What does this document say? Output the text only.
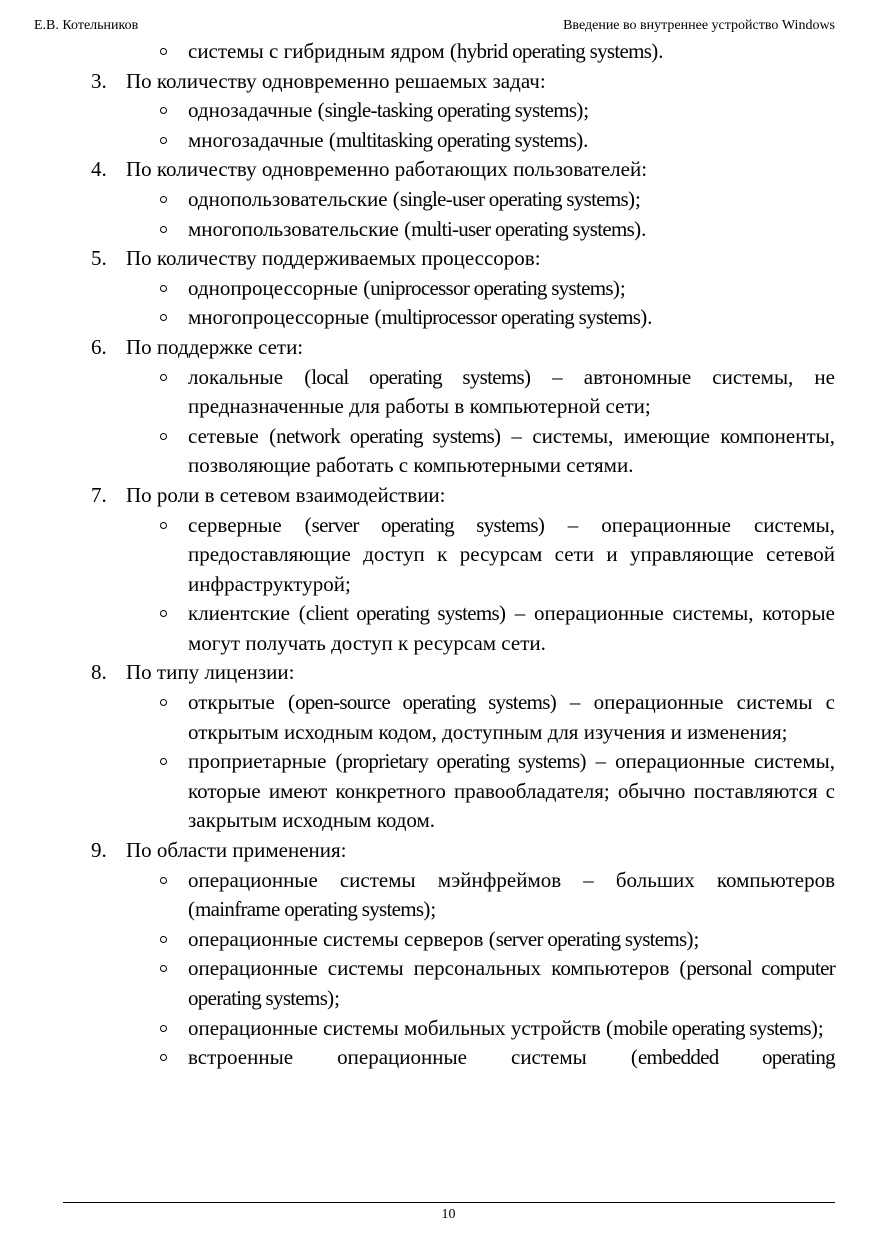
Е.В. Котельников	Введение во внутреннее устройство Windows
системы с гибридным ядром (hybrid operating systems).
3. По количеству одновременно решаемых задач:
однозадачные (single-tasking operating systems);
многозадачные (multitasking operating systems).
4. По количеству одновременно работающих пользователей:
однопользовательские (single-user operating systems);
многопользовательские (multi-user operating systems).
5. По количеству поддерживаемых процессоров:
однопроцессорные (uniprocessor operating systems);
многопроцессорные (multiprocessor operating systems).
6. По поддержке сети:
локальные (local operating systems) – автономные системы, не предназначенные для работы в компьютерной сети;
сетевые (network operating systems) – системы, имеющие компоненты, позволяющие работать с компьютерными сетями.
7. По роли в сетевом взаимодействии:
серверные (server operating systems) – операционные системы, предоставляющие доступ к ресурсам сети и управляющие сетевой инфраструктурой;
клиентские (client operating systems) – операционные системы, которые могут получать доступ к ресурсам сети.
8. По типу лицензии:
открытые (open-source operating systems) – операционные системы с открытым исходным кодом, доступным для изучения и изменения;
проприетарные (proprietary operating systems) – операционные системы, которые имеют конкретного правообладателя; обычно поставляются с закрытым исходным кодом.
9. По области применения:
операционные системы мэйнфреймов – больших компьютеров (mainframe operating systems);
операционные системы серверов (server operating systems);
операционные системы персональных компьютеров (personal computer operating systems);
операционные системы мобильных устройств (mobile operating systems);
встроенные операционные системы (embedded operating
10
